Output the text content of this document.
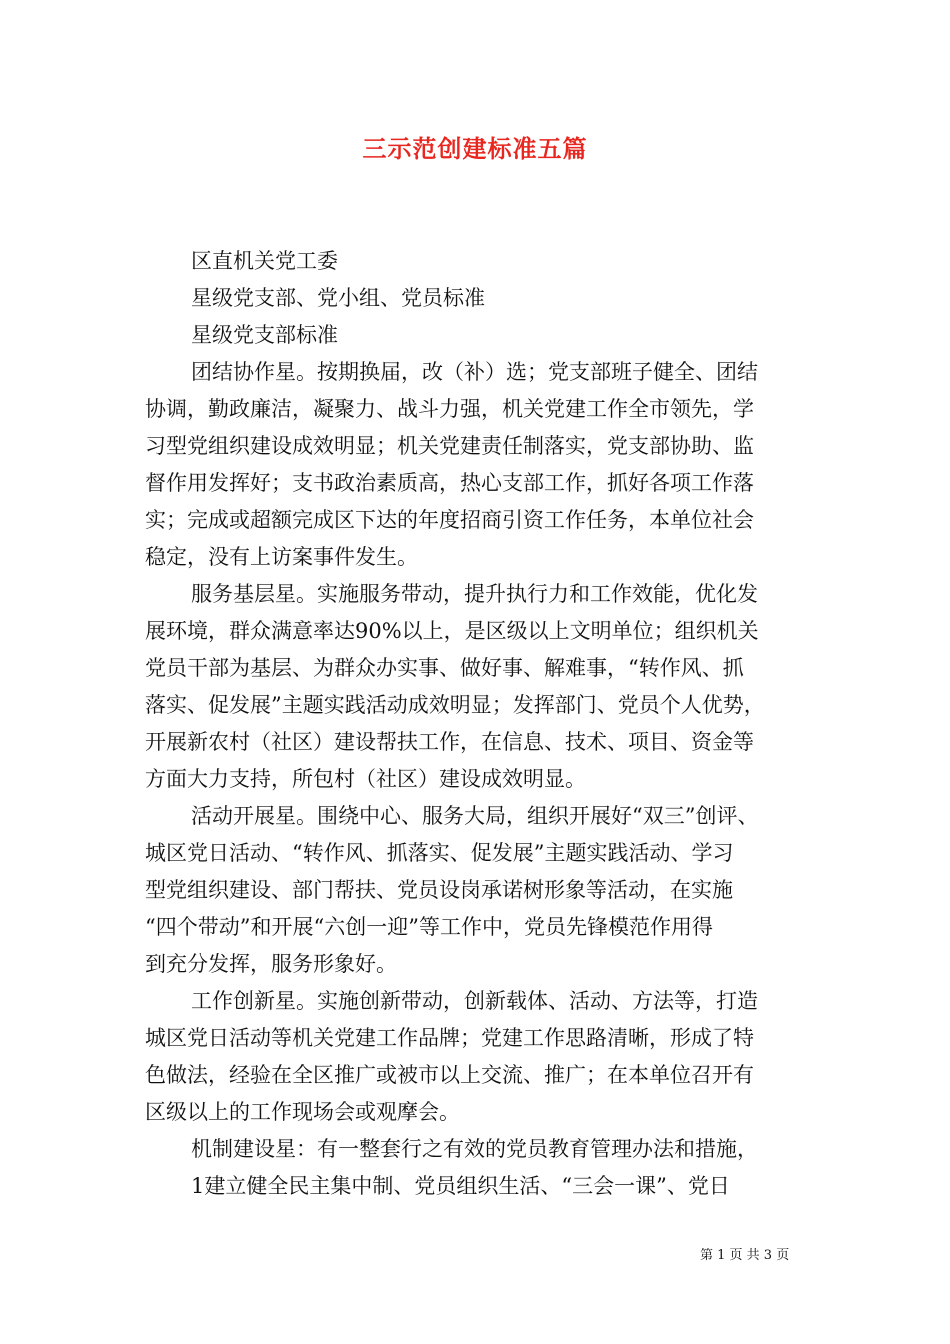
三示范创建标准五篇
区直机关党工委
星级党支部、党小组、党员标准
星级党支部标准
团结协作星。按期换届，改（补）选；党支部班子健全、团结
协调，勤政廉洁，凝聚力、战斗力强，机关党建工作全市领先，学
习型党组织建设成效明显；机关党建责任制落实，党支部协助、监
督作用发挥好；支书政治素质高，热心支部工作，抓好各项工作落
实；完成或超额完成区下达的年度招商引资工作任务，本单位社会
稳定，没有上访案事件发生。
服务基层星。实施服务带动，提升执行力和工作效能，优化发
展环境，群众满意率达90%以上，是区级以上文明单位；组织机关
党员干部为基层、为群众办实事、做好事、解难事，“转作风、抓
落实、促发展”主题实践活动成效明显；发挥部门、党员个人优势，
开展新农村（社区）建设帮扶工作，在信息、技术、项目、资金等
方面大力支持，所包村（社区）建设成效明显。
活动开展星。围绕中心、服务大局，组织开展好“双三”创评、
城区党日活动、“转作风、抓落实、促发展”主题实践活动、学习
型党组织建设、部门帮扶、党员设岗承诺树形象等活动，在实施
“四个带动”和开展“六创一迎”等工作中，党员先锋模范作用得
到充分发挥，服务形象好。
工作创新星。实施创新带动，创新载体、活动、方法等，打造
城区党日活动等机关党建工作品牌；党建工作思路清晰，形成了特
色做法，经验在全区推广或被市以上交流、推广；在本单位召开有
区级以上的工作现场会或观摩会。
机制建设星：有一整套行之有效的党员教育管理办法和措施，
1建立健全民主集中制、党员组织生活、“三会一课”、党日
第 1 页 共 3 页
